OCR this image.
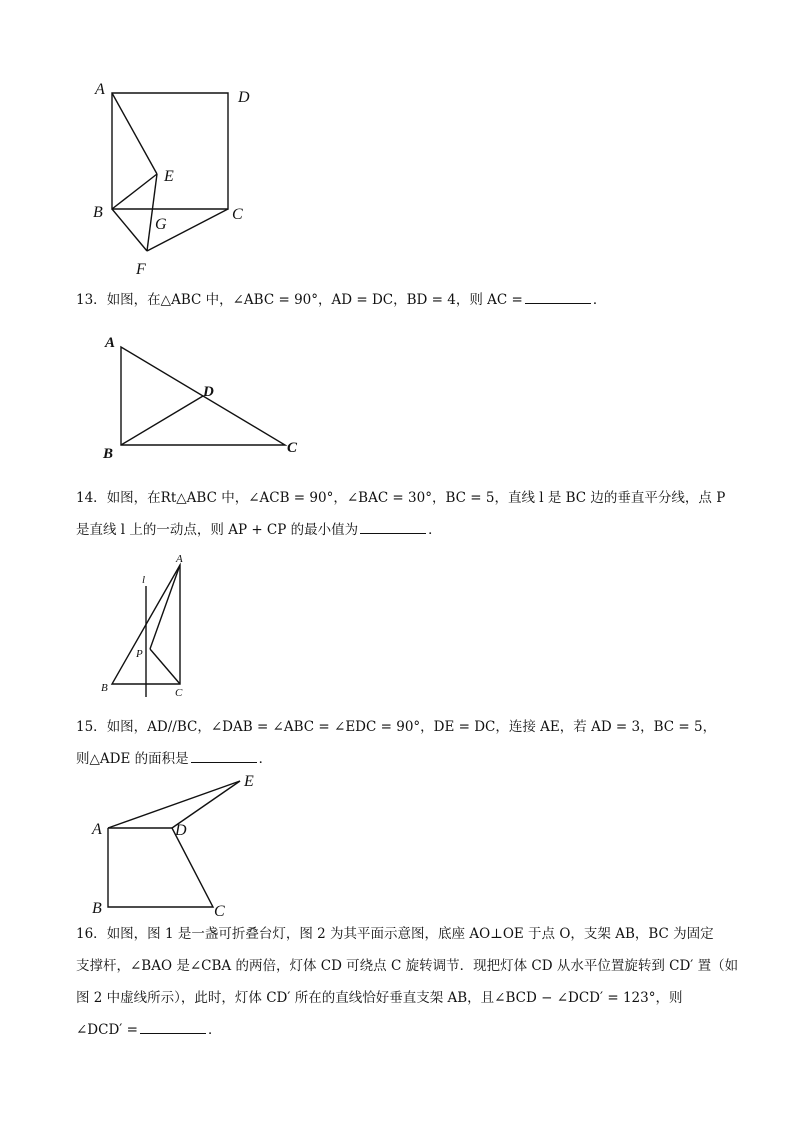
A	D
E
B
G
C
F
13．如图，在△ABC 中，∠ABC = 90°，AD = DC，BD = 4，则 AC =	．
A
D
B	C
14．如图，在Rt△ABC 中，∠ACB = 90°，∠BAC = 30°，BC = 5，直线 l 是 BC 边的垂直平分线，点 P
是直线 l 上的一动点，则 AP + CP 的最小值为	．
l
A
P
B	C
15．如图，AD//BC，∠DAB = ∠ABC = ∠EDC = 90°，DE = DC，连接 AE，若 AD = 3，BC = 5，
则△ADE 的面积是	．
E
A	D
B	C
16．如图，图 1 是一盏可折叠台灯，图 2 为其平面示意图，底座 AO⊥OE 于点 O，支架 AB，BC 为固定
支撑杆，∠BAO 是∠CBA 的两倍，灯体 CD 可绕点 C 旋转调节．现把灯体 CD 从水平位置旋转到 CD′ 置（如
图 2 中虚线所示），此时，灯体 CD′ 所在的直线恰好垂直支架 AB，且∠BCD − ∠DCD′ = 123°，则
∠DCD′ =	．
